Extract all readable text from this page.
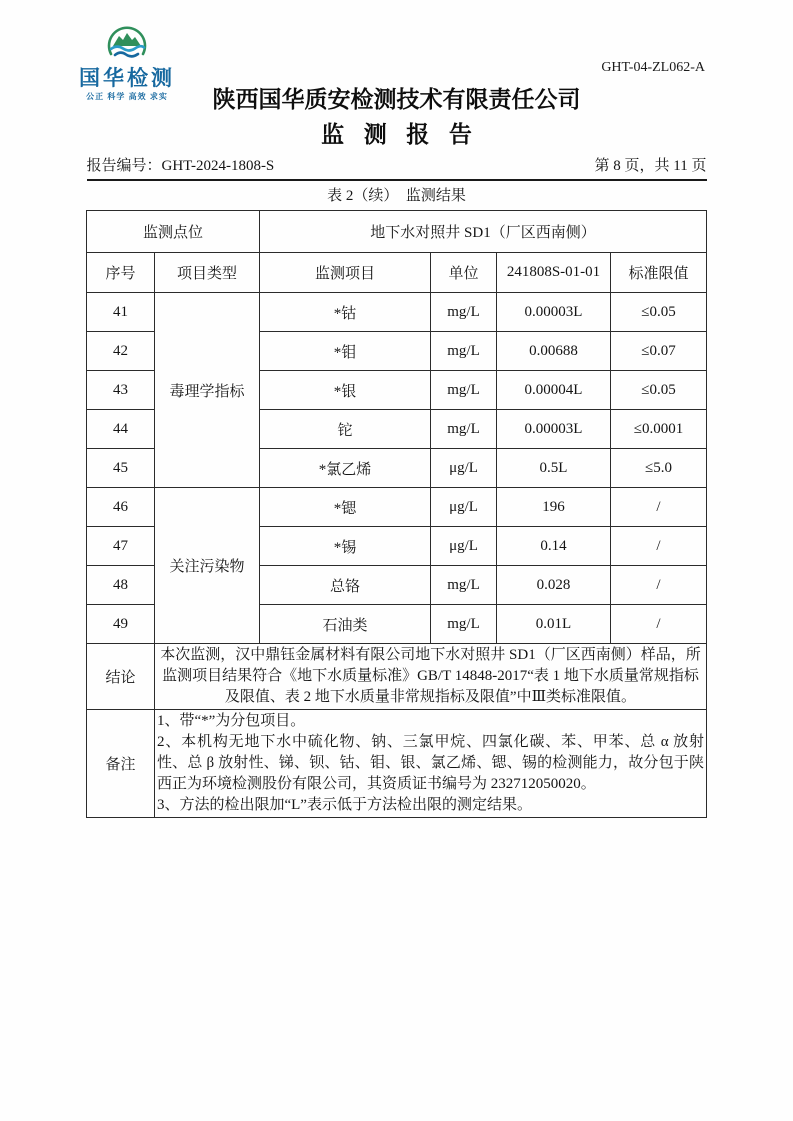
国华检测
公正 科学 高效 求实
GHT-04-ZL062-A
陕西国华质安检测技术有限责任公司
监测报告
报告编号：GHT-2024-1808-S	第 8 页，共 11 页
表 2（续）　监测结果
监测点位		地下水对照井 SD1（厂区西南侧）			
序号	项目类型	监测项目	单位	241808S-01-01	标准限值
41	毒理学指标	*钴	mg/L	0.00003L	≤0.05
42		*钼	mg/L	0.00688	≤0.07
43		*银	mg/L	0.00004L	≤0.05
44		铊	mg/L	0.00003L	≤0.0001
45		*氯乙烯	μg/L	0.5L	≤5.0
46	关注污染物	*锶	μg/L	196	/
47		*锡	μg/L	0.14	/
48		总铬	mg/L	0.028	/
49		石油类	mg/L	0.01L	/
结论	本次监测，汉中鼎钰金属材料有限公司地下水对照井 SD1（厂区西南侧）样品，所监测项目结果符合《地下水质量标准》GB/T 14848-2017“表 1 地下水质量常规指标及限值、表 2 地下水质量非常规指标及限值”中Ⅲ类标准限值。				
备注	1、带“*”为分包项目。
2、本机构无地下水中硫化物、钠、三氯甲烷、四氯化碳、苯、甲苯、总 α 放射性、总 β 放射性、锑、钡、钴、钼、银、氯乙烯、锶、锡的检测能力，故分包于陕西正为环境检测股份有限公司，其资质证书编号为 232712050020。
3、方法的检出限加“L”表示低于方法检出限的测定结果。				
